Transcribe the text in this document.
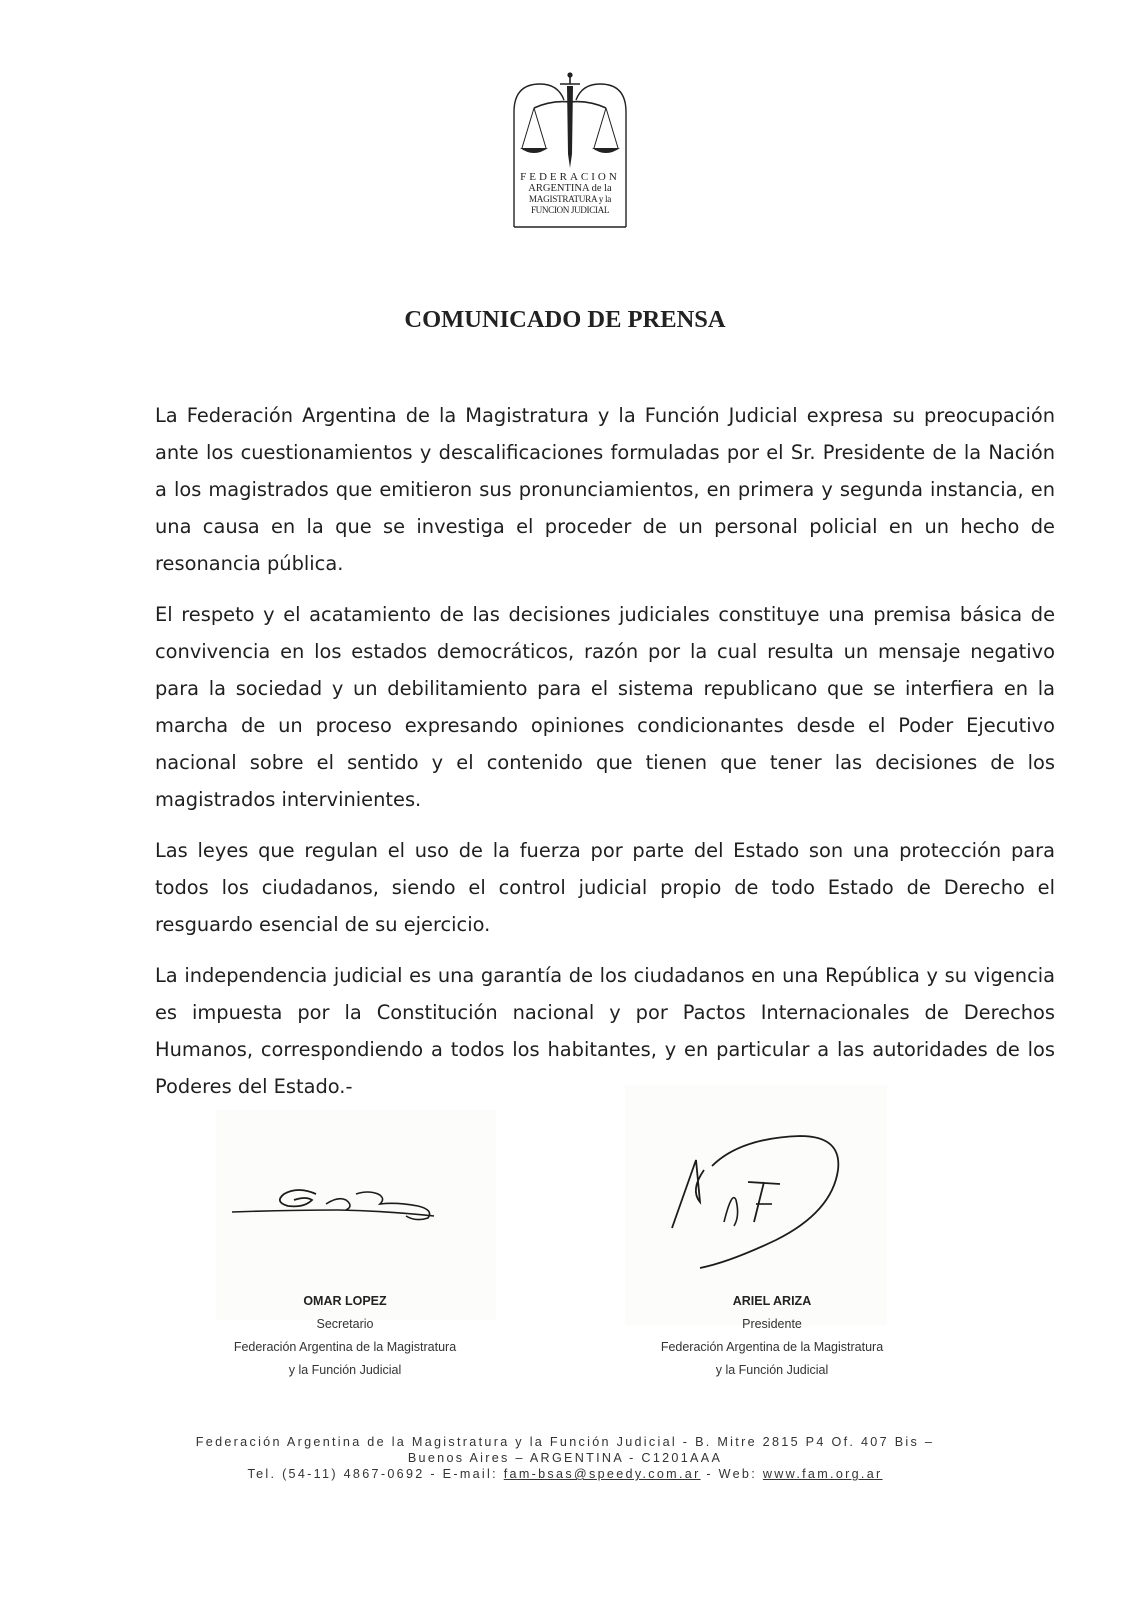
FEDERACION
ARGENTINA de la
MAGISTRATURA y la
FUNCION JUDICIAL
COMUNICADO DE PRENSA

La Federación Argentina de la Magistratura y la Función Judicial expresa su preocupación ante los cuestionamientos y descalificaciones formuladas por el Sr. Presidente de la Nación a los magistrados que emitieron sus pronunciamientos, en primera y segunda instancia, en una causa en la que se investiga el proceder de un personal policial en un hecho de resonancia pública.

El respeto y el acatamiento de las decisiones judiciales constituye una premisa básica de convivencia en los estados democráticos, razón por la cual resulta un mensaje negativo para la sociedad y un debilitamiento para el sistema republicano que se interfiera en la marcha de un proceso expresando opiniones condicionantes desde el Poder Ejecutivo nacional sobre el sentido y el contenido que tienen que tener las decisiones de los magistrados intervinientes.

Las leyes que regulan el uso de la fuerza por parte del Estado son una protección para todos los ciudadanos, siendo el control judicial propio de todo Estado de Derecho el resguardo esencial de su ejercicio.

La independencia judicial es una garantía de los ciudadanos en una República y su vigencia es impuesta por la Constitución nacional y por Pactos Internacionales de Derechos Humanos, correspondiendo a todos los habitantes, y en particular a las autoridades de los Poderes del Estado.-

OMAR LOPEZ
Secretario
Federación Argentina de la Magistratura
y la Función Judicial
ARIEL ARIZA
Presidente
Federación Argentina de la Magistratura
y la Función Judicial
Federación Argentina de la Magistratura y la Función Judicial - B. Mitre 2815 P4 Of. 407 Bis –
Buenos Aires – ARGENTINA - C1201AAA
Tel. (54-11) 4867-0692 - E-mail: fam-bsas@speedy.com.ar - Web: www.fam.org.ar
